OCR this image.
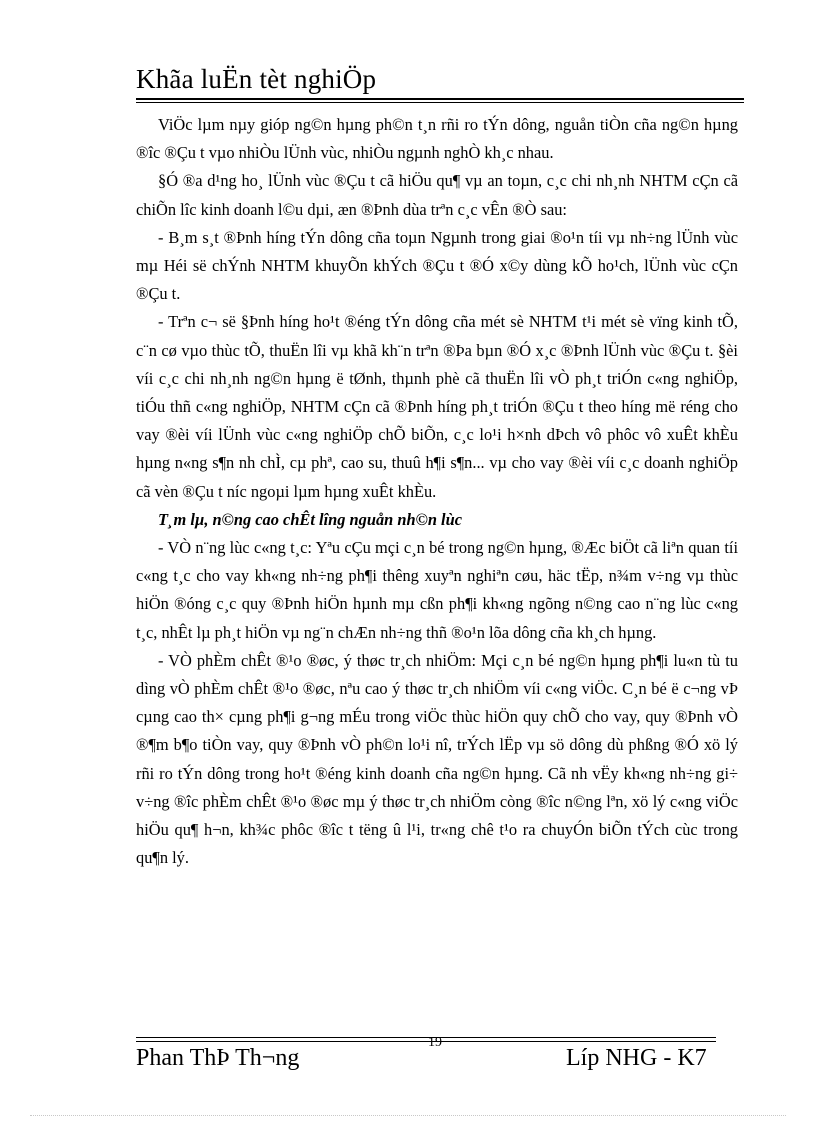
Khãa luËn tèt nghiÖp

ViÖc lµm nµy gióp ng©n hµng ph©n t¸n rñi ro tÝn dông, nguån tiÒn cña ng©n hµng ®îc ®Çu t vµo nhiÒu lÜnh vùc, nhiÒu ngµnh nghÒ kh¸c nhau.

§Ó ®a d¹ng ho¸ lÜnh vùc ®Çu t cã hiÖu qu¶ vµ an toµn, c¸c chi nh¸nh NHTM cÇn cã chiÕn lîc kinh doanh l©u dµi, æn ®Þnh dùa trªn c¸c vÊn ®Ò sau:

- B¸m s¸t ®Þnh híng tÝn dông cña toµn Ngµnh trong giai ®o¹n tíi vµ nh÷ng lÜnh vùc mµ Héi së chÝnh NHTM khuyÕn khÝch ®Çu t ®Ó x©y dùng kÕ ho¹ch, lÜnh vùc cÇn ®Çu t.

- Trªn c¬ së §Þnh híng ho¹t ®éng tÝn dông cña mét sè NHTM t¹i mét sè vïng kinh tÕ, c¨n cø vµo thùc tÕ, thuËn lîi vµ khã kh¨n trªn ®Þa bµn ®Ó x¸c ®Þnh lÜnh vùc ®Çu t. §èi víi c¸c chi nh¸nh ng©n hµng ë tØnh, thµnh phè cã thuËn lîi vÒ ph¸t triÓn c«ng nghiÖp, tiÓu thñ c«ng nghiÖp, NHTM cÇn cã ®Þnh híng ph¸t triÓn ®Çu t theo híng më réng cho vay ®èi víi lÜnh vùc c«ng nghiÖp chÕ biÕn, c¸c lo¹i h×nh dÞch vô phôc vô xuÊt khÈu hµng n«ng s¶n nh chÌ, cµ phª, cao su, thuû h¶i s¶n... vµ cho vay ®èi víi c¸c doanh nghiÖp cã vèn ®Çu t níc ngoµi lµm hµng xuÊt khÈu.

T¸m lµ, n©ng cao chÊt lîng nguån nh©n lùc

- VÒ n¨ng lùc c«ng t¸c: Yªu cÇu mçi c¸n bé trong ng©n hµng, ®Æc biÖt cã liªn quan tíi c«ng t¸c cho vay kh«ng nh÷ng ph¶i thêng xuyªn nghiªn cøu, häc tËp, n¾m v÷ng vµ thùc hiÖn ®óng c¸c quy ®Þnh hiÖn hµnh mµ cßn ph¶i kh«ng ngõng n©ng cao n¨ng lùc c«ng t¸c, nhÊt lµ ph¸t hiÖn vµ ng¨n chÆn nh÷ng thñ ®o¹n lõa dông cña kh¸ch hµng.

- VÒ phÈm chÊt ®¹o ®øc, ý thøc tr¸ch nhiÖm: Mçi c¸n bé ng©n hµng ph¶i lu«n tù tu dìng vÒ phÈm chÊt ®¹o ®øc, nªu cao ý thøc tr¸ch nhiÖm víi c«ng viÖc. C¸n bé ë c¬ng vÞ cµng cao th× cµng ph¶i g¬ng mÉu trong viÖc thùc hiÖn quy chÕ cho vay, quy ®Þnh vÒ ®¶m b¶o tiÒn vay, quy ®Þnh vÒ ph©n lo¹i nî, trÝch lËp vµ sö dông dù phßng ®Ó xö lý rñi ro tÝn dông trong ho¹t ®éng kinh doanh cña ng©n hµng. Cã nh vËy kh«ng nh÷ng gi÷ v÷ng ®îc phÈm chÊt ®¹o ®øc mµ ý thøc tr¸ch nhiÖm còng ®îc n©ng lªn, xö lý c«ng viÖc hiÖu qu¶ h¬n, kh¾c phôc ®îc t tëng û l¹i, tr«ng chê t¹o ra chuyÓn biÕn tÝch cùc trong qu¶n lý.

Phan ThÞ Th¬ng
19
Líp NHG - K7
